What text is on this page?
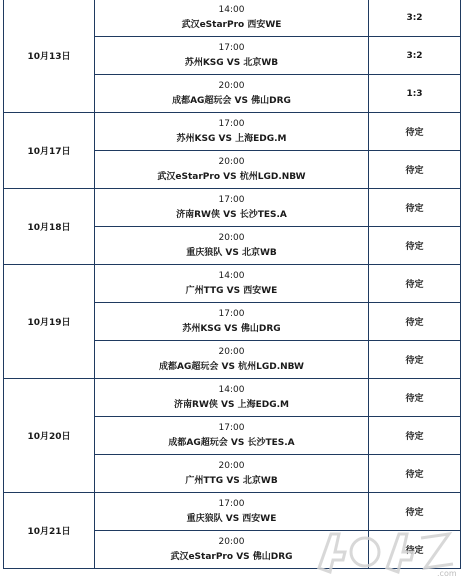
10月13日	14:00
武汉eStarPro 西安WE	3:2

	17:00
苏州KSG VS 北京WB	3:2

	20:00
成都AG超玩会 VS 佛山DRG	1:3
10月17日	17:00
苏州KSG VS 上海EDG.M	待定

	20:00
武汉eStarPro VS 杭州LGD.NBW	待定
10月18日	17:00
济南RW侠 VS 长沙TES.A	待定

	20:00
重庆狼队 VS 北京WB	待定
10月19日	14:00
广州TTG VS 西安WE	待定

	17:00
苏州KSG VS 佛山DRG	待定

	20:00
成都AG超玩会 VS 杭州LGD.NBW	待定
10月20日	14:00
济南RW侠 VS 上海EDG.M	待定

	17:00
成都AG超玩会 VS 长沙TES.A	待定

	20:00
广州TTG VS 北京WB	待定
10月21日	17:00
重庆狼队 VS 西安WE	待定

	20:00
武汉eStarPro VS 佛山DRG	待定
.com
